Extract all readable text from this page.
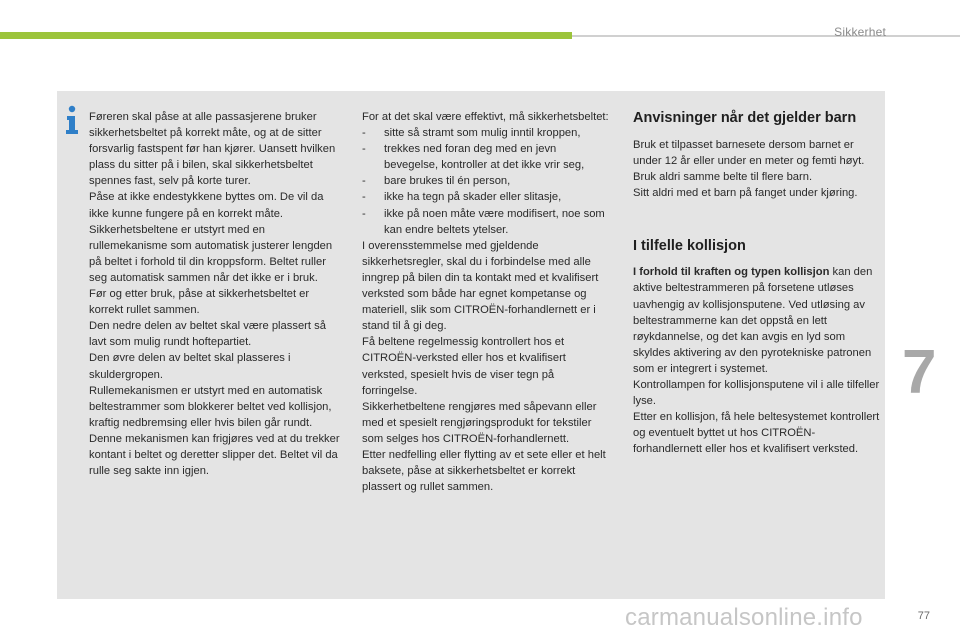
Sikkerhet

Føreren skal påse at alle passasjerene bruker sikkerhetsbeltet på korrekt måte, og at de sitter forsvarlig fastspent før han kjører. Uansett hvilken plass du sitter på i bilen, skal sikkerhetsbeltet spennes fast, selv på korte turer.

Påse at ikke endestykkene byttes om. De vil da ikke kunne fungere på en korrekt måte.

Sikkerhetsbeltene er utstyrt med en rullemekanisme som automatisk justerer lengden på beltet i forhold til din kroppsform. Beltet ruller seg automatisk sammen når det ikke er i bruk.

Før og etter bruk, påse at sikkerhetsbeltet er korrekt rullet sammen.

Den nedre delen av beltet skal være plassert så lavt som mulig rundt hoftepartiet.

Den øvre delen av beltet skal plasseres i skuldergropen.

Rullemekanismen er utstyrt med en automatisk beltestrammer som blokkerer beltet ved kollisjon, kraftig nedbremsing eller hvis bilen går rundt. Denne mekanismen kan frigjøres ved at du trekker kontant i beltet og deretter slipper det. Beltet vil da rulle seg sakte inn igjen.

For at det skal være effektivt, må sikkerhetsbeltet:

-	sitte så stramt som mulig inntil kroppen,
-	trekkes ned foran deg med en jevn bevegelse, kontroller at det ikke vrir seg,
-	bare brukes til én person,
-	ikke ha tegn på skader eller slitasje,
-	ikke på noen måte være modifisert, noe som kan endre beltets ytelser.

I overensstemmelse med gjeldende sikkerhetsregler, skal du i forbindelse med alle inngrep på bilen din ta kontakt med et kvalifisert verksted som både har egnet kompetanse og materiell, slik som CITROËN-forhandlernett er i stand til å gi deg.

Få beltene regelmessig kontrollert hos et CITROËN-verksted eller hos et kvalifisert verksted, spesielt hvis de viser tegn på forringelse.

Sikkerhetbeltene rengjøres med såpevann eller med et spesielt rengjøringsprodukt for tekstiler som selges hos CITROËN-forhandlernett.

Etter nedfelling eller flytting av et sete eller et helt baksete, påse at sikkerhetsbeltet er korrekt plassert og rullet sammen.

Anvisninger når det gjelder barn

Bruk et tilpasset barnesete dersom barnet er under 12 år eller under en meter og femti høyt.

Bruk aldri samme belte til flere barn.

Sitt aldri med et barn på fanget under kjøring.

I tilfelle kollisjon

I forhold til kraften og typen kollisjon kan den aktive beltestrammeren på forsetene utløses uavhengig av kollisjonsputene. Ved utløsing av beltestrammerne kan det oppstå en lett røykdannelse, og det kan avgis en lyd som skyldes aktivering av den pyrotekniske patronen som er integrert i systemet.

Kontrollampen for kollisjonsputene vil i alle tilfeller lyse.

Etter en kollisjon, få hele beltesystemet kontrollert og eventuelt byttet ut hos CITROËN-forhandlernett eller hos et kvalifisert verksted.

7
carmanualsonline.info	77
